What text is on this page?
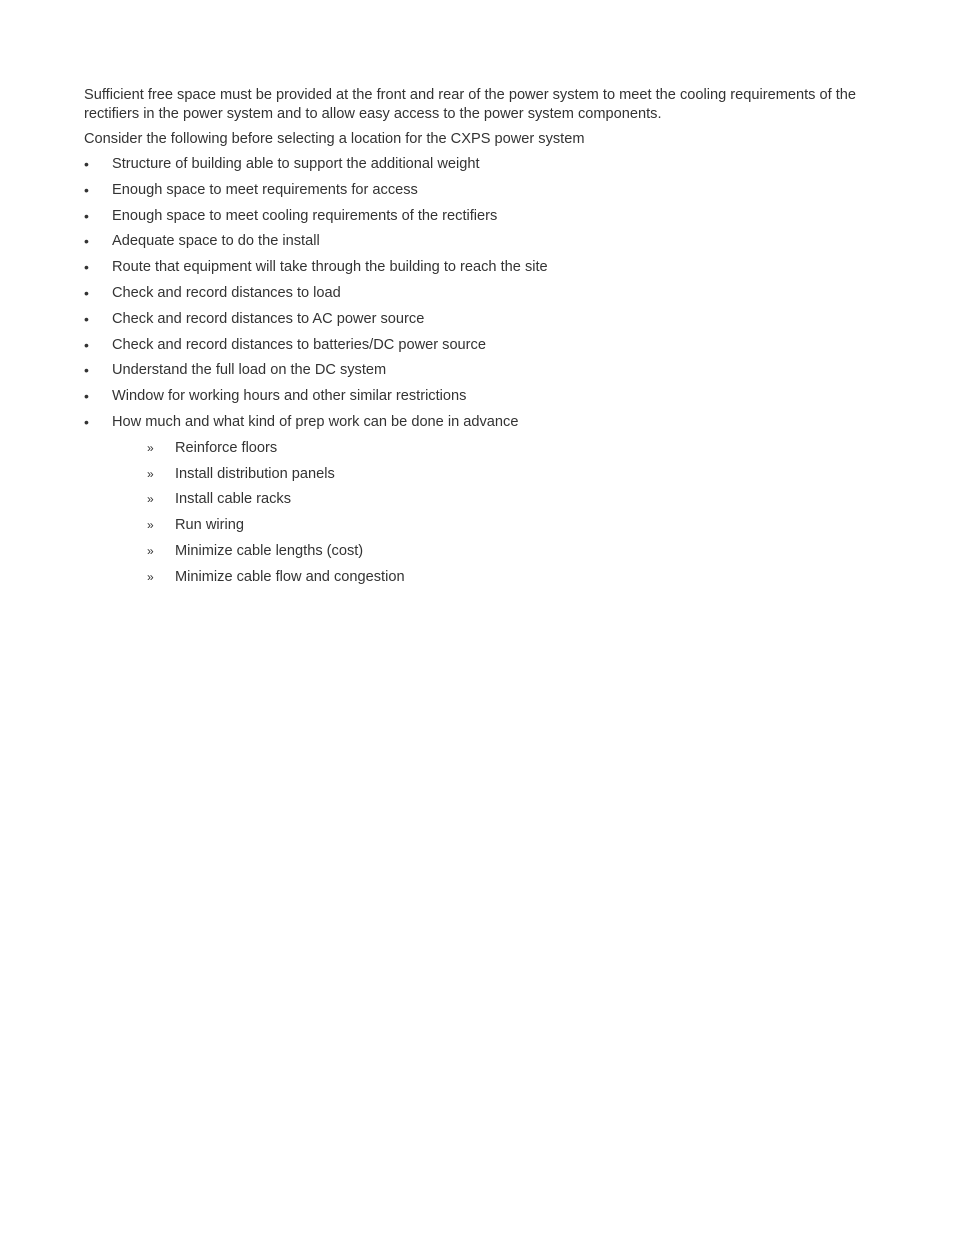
Sufficient free space must be provided at the front and rear of the power system to meet the cooling requirements of the rectifiers in the power system and to allow easy access to the power system components.

Consider the following before selecting a location for the CXPS power system

•	Structure of building able to support the additional weight
•	Enough space to meet requirements for access
•	Enough space to meet cooling requirements of the rectifiers
•	Adequate space to do the install
•	Route that equipment will take through the building to reach the site
•	Check and record distances to load
•	Check and record distances to AC power source
•	Check and record distances to batteries/DC power source
•	Understand the full load on the DC system
•	Window for working hours and other similar restrictions
•	How much and what kind of prep work can be done in advance
» Reinforce floors
» Install distribution panels
» Install cable racks
» Run wiring
» Minimize cable lengths (cost)
» Minimize cable flow and congestion
